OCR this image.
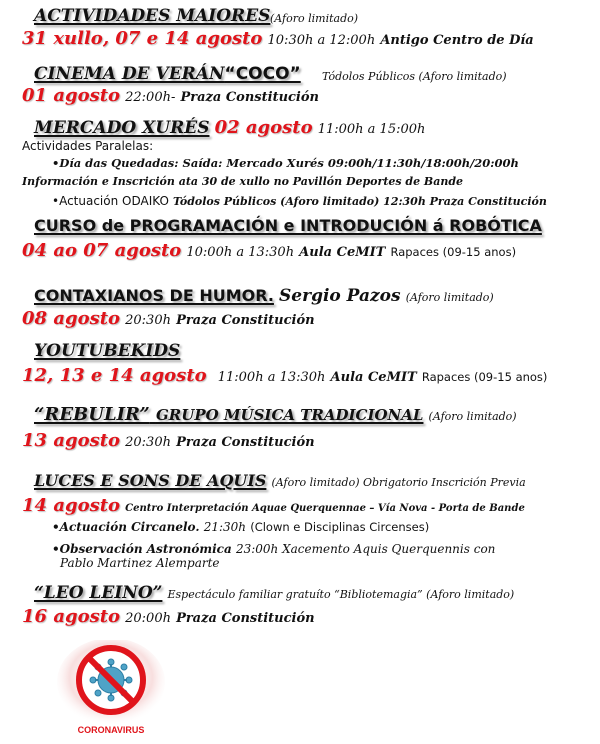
ACTIVIDADES MAIORES (Aforo limitado)
31 xullo, 07 e 14 agosto 10:30h a 12:00h Antigo Centro de Día
CINEMA DE VERÁN“COCO” Tódolos Públicos (Aforo limitado)
01 agosto 22:00h- Praza Constitución
MERCADO XURÉS 02 agosto 11:00h a 15:00h
Actividades Paralelas:
•Día das Quedadas: Saída: Mercado Xurés 09:00h/11:30h/18:00h/20:00h
Información e Inscrición ata 30 de xullo no Pavillón Deportes de Bande
•Actuación ODAIKO Tódolos Públicos (Aforo limitado) 12:30h Praza Constitución
CURSO de PROGRAMACIÓN e INTRODUCIÓN á ROBÓTICA
04 ao 07 agosto 10:00h a 13:30h Aula CeMIT Rapaces (09-15 anos)
CONTAXIANOS DE HUMOR. Sergio Pazos (Aforo limitado)
08 agosto 20:30h Praza Constitución
YOUTUBEKIDS
12, 13 e 14 agosto 11:00h a 13:30h Aula CeMIT Rapaces (09-15 anos)
“REBULIR” GRUPO MÚSICA TRADICIONAL (Aforo limitado)
13 agosto 20:30h Praza Constitución
LUCES E SONS DE AQUIS (Aforo limitado) Obrigatorio Inscrición Previa
14 agosto Centro Interpretación Aquae Querquennae – Vía Nova - Porta de Bande
•Actuación Circanelo. 21:30h (Clown e Disciplinas Circenses)
•Observación Astronómica 23:00h Xacemento Aquis Querquennis con
Pablo Martinez Alemparte
“LEO LEINO” Espectáculo familiar gratuíto “Bibliotemagia” (Aforo limitado)
16 agosto 20:00h Praza Constitución
CORONAVIRUS
